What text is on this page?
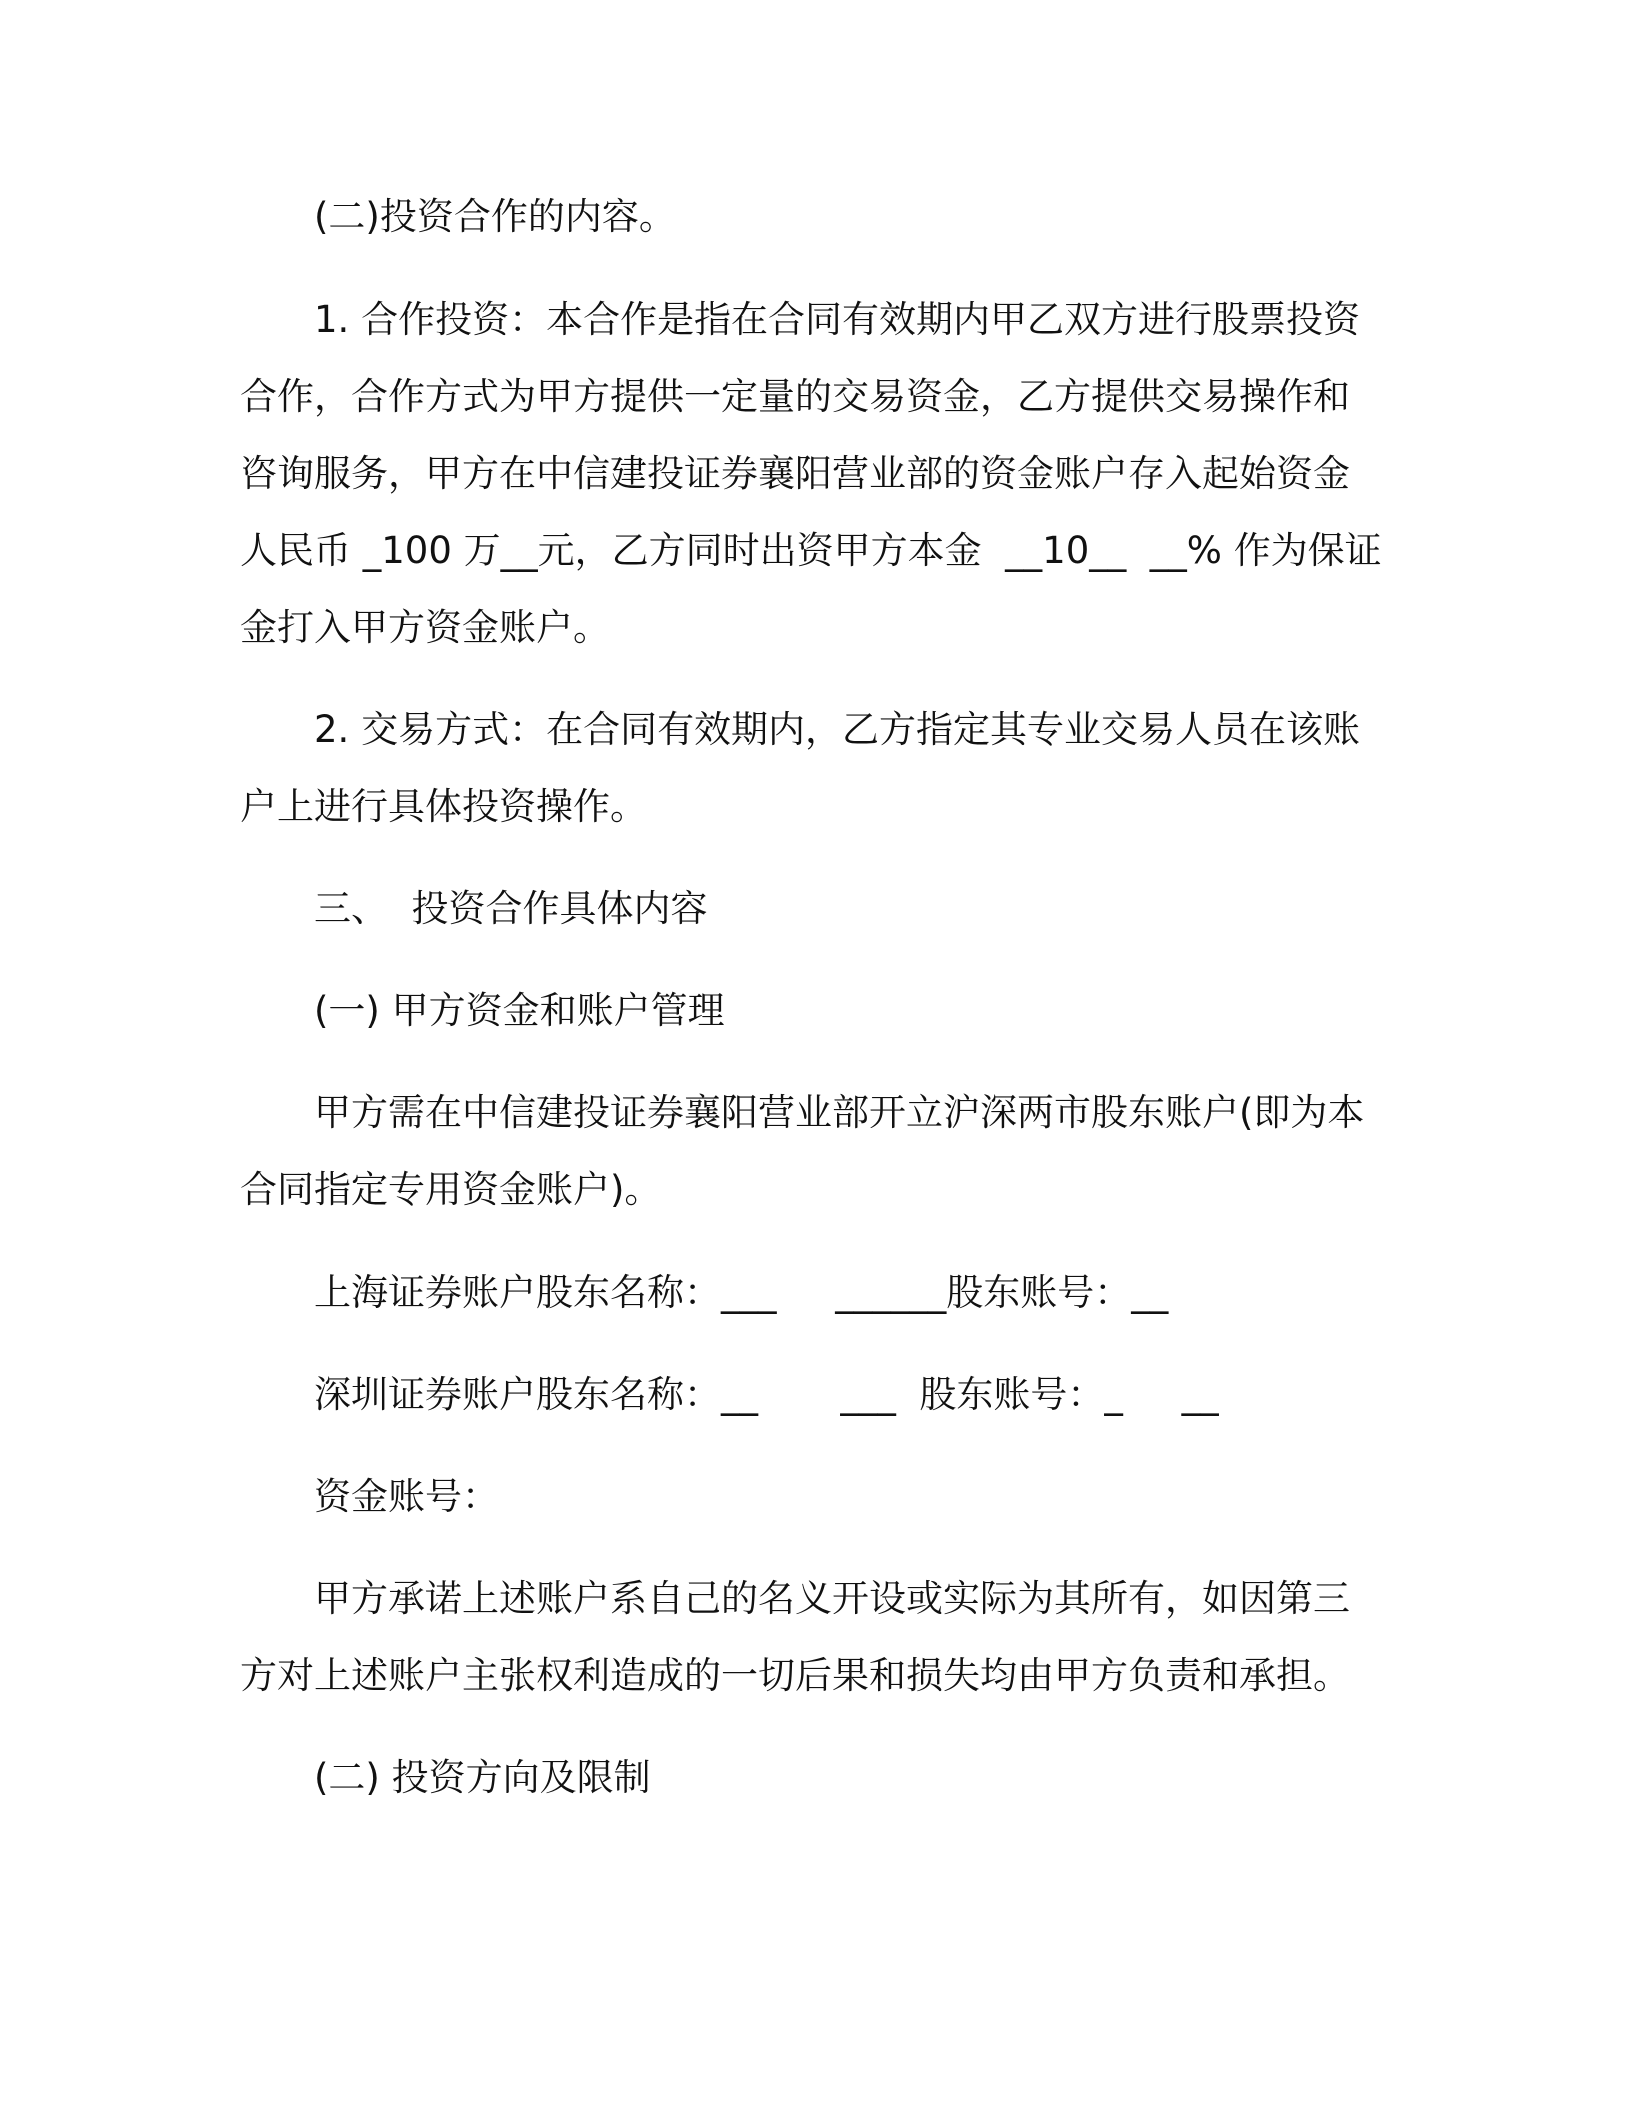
(二)投资合作的内容。
1. 合作投资：本合作是指在合同有效期内甲乙双方进行股票投资
合作，合作方式为甲方提供一定量的交易资金，乙方提供交易操作和
咨询服务，甲方在中信建投证券襄阳营业部的资金账户存入起始资金
人民币 _100 万__元，乙方同时出资甲方本金  __10__  __% 作为保证
金打入甲方资金账户。
2. 交易方式：在合同有效期内，乙方指定其专业交易人员在该账
户上进行具体投资操作。
三、  投资合作具体内容
(一) 甲方资金和账户管理
甲方需在中信建投证券襄阳营业部开立沪深两市股东账户(即为本
合同指定专用资金账户)。
上海证券账户股东名称：___     ______股东账号：__
深圳证券账户股东名称：__       ___  股东账号：_     __
资金账号：
甲方承诺上述账户系自己的名义开设或实际为其所有，如因第三
方对上述账户主张权利造成的一切后果和损失均由甲方负责和承担。
(二) 投资方向及限制
